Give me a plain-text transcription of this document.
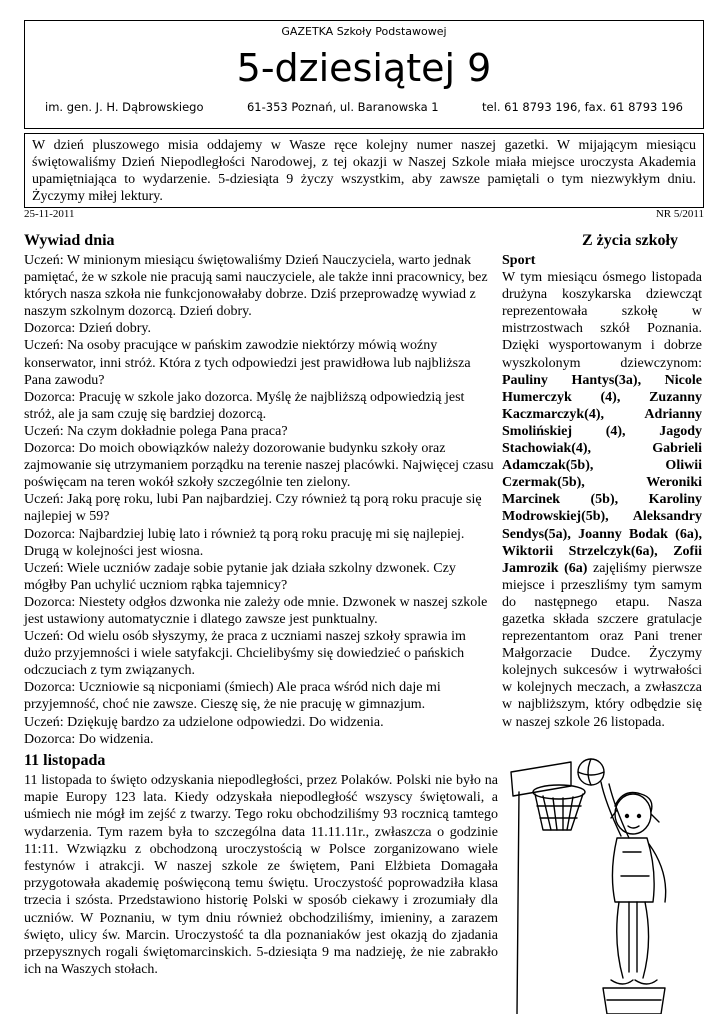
GAZETKA Szkoły Podstawowej
5-dziesiątej 9
im. gen. J. H. Dąbrowskiego	61-353 Poznań, ul. Baranowska 1	tel. 61 8793 196, fax. 61 8793 196
W dzień pluszowego misia oddajemy w Wasze ręce kolejny numer naszej gazetki. W mijającym miesiącu świętowaliśmy Dzień Niepodległości Narodowej, z tej okazji w Naszej Szkole miała miejsce uroczysta Akademia upamiętniająca to wydarzenie. 5-dziesiąta 9 życzy wszystkim, aby zawsze pamiętali o tym niezwykłym dniu. Życzymy miłej lektury.
25-11-2011	NR 5/2011
Wywiad dnia

Uczeń: W minionym miesiącu świętowaliśmy Dzień Nauczyciela, warto jednak pamiętać, że w szkole nie pracują sami nauczyciele, ale także inni pracownicy, bez których nasza szkoła nie funkcjonowałaby dobrze. Dziś przeprowadzę wywiad z naszym szkolnym dozorcą. Dzień dobry.

Dozorca: Dzień dobry.

Uczeń: Na osoby pracujące w pańskim zawodzie niektórzy mówią woźny konserwator, inni stróż. Która z tych odpowiedzi jest prawidłowa lub najbliższa Pana zawodu?

Dozorca: Pracuję w szkole jako dozorca. Myślę że najbliższą odpowiedzią jest stróż, ale ja sam czuję się bardziej dozorcą.

Uczeń: Na czym dokładnie polega Pana praca?

Dozorca: Do moich obowiązków należy dozorowanie budynku szkoły oraz zajmowanie się utrzymaniem porządku na terenie naszej placówki. Najwięcej czasu poświęcam na teren wokół szkoły szczególnie ten zielony.

Uczeń: Jaką porę roku, lubi Pan najbardziej. Czy również tą porą roku pracuje się najlepiej w 59?

Dozorca: Najbardziej lubię lato i również tą porą roku pracuję mi się najlepiej. Drugą w kolejności jest wiosna.

Uczeń: Wiele uczniów zadaje sobie pytanie jak działa szkolny dzwonek. Czy mógłby Pan uchylić uczniom rąbka tajemnicy?

Dozorca: Niestety odgłos dzwonka nie zależy ode mnie. Dzwonek w naszej szkole jest ustawiony automatycznie i dlatego zawsze jest punktualny.

Uczeń: Od wielu osób słyszymy, że praca z uczniami naszej szkoły sprawia im dużo przyjemności i wiele satyfakcji. Chcielibyśmy się dowiedzieć o pańskich odczuciach z tym związanych.

Dozorca: Uczniowie są nicponiami (śmiech) Ale praca wśród nich daje mi przyjemność, choć nie zawsze. Cieszę się, że nie pracuję w gimnazjum.

Uczeń: Dziękuję bardzo za udzielone odpowiedzi. Do widzenia.

Dozorca: Do widzenia.

Z życia szkoły
Sport

W tym miesiącu ósmego listopada drużyna koszykarska dziewcząt reprezentowała szkołę w mistrzostwach szkół Poznania. Dzięki wysportowanym i dobrze wyszkolonym dziewczynom: Pauliny Hantys(3a), Nicole Humerczyk (4), Zuzanny Kaczmarczyk(4), Adrianny Smolińskiej (4), Jagody Stachowiak(4), Gabrieli Adamczak(5b), Oliwii Czermak(5b), Weroniki Marcinek (5b), Karoliny Modrowskiej(5b), Aleksandry Sendys(5a), Joanny Bodak (6a), Wiktorii Strzelczyk(6a), Zofii Jamrozik (6a) zajęliśmy pierwsze miejsce i przeszliśmy tym samym do następnego etapu. Nasza gazetka składa szczere gratulacje reprezentantom oraz Pani trener Małgorzacie Dudce. Życzymy kolejnych sukcesów i wytrwałości w kolejnych meczach, a zwłaszcza w najbliższym, który odbędzie się w naszej szkole 26 listopada.

11 listopada

11 listopada to święto odzyskania niepodległości, przez Polaków. Polski nie było na mapie Europy 123 lata. Kiedy odzyskała niepodległość wszyscy świętowali, a uśmiech nie mógł im zejść z twarzy. Tego roku obchodziliśmy 93 rocznicą tamtego wydarzenia. Tym razem była to szczególna data 11.11.11r., zwłaszcza o godzinie 11:11. Wzwiązku z obchodzoną uroczystością w Polsce zorganizowano wiele festynów i atrakcji. W naszej szkole ze świętem, Pani Elżbieta Domagała przygotowała akademię poświęconą temu świętu. Uroczystość poprowadziła klasa trzecia i szósta. Przedstawiono historię Polski w sposób ciekawy i zrozumiały dla uczniów. W Poznaniu, w tym dniu również obchodziliśmy, imieniny, a zarazem święto, ulicy św. Marcin. Uroczystość ta dla poznaniaków jest okazją do zjadania przepysznych rogali świętomarcinskich. 5-dziesiąta 9 ma nadzieję, że nie zabrakło ich na Waszych stołach.
